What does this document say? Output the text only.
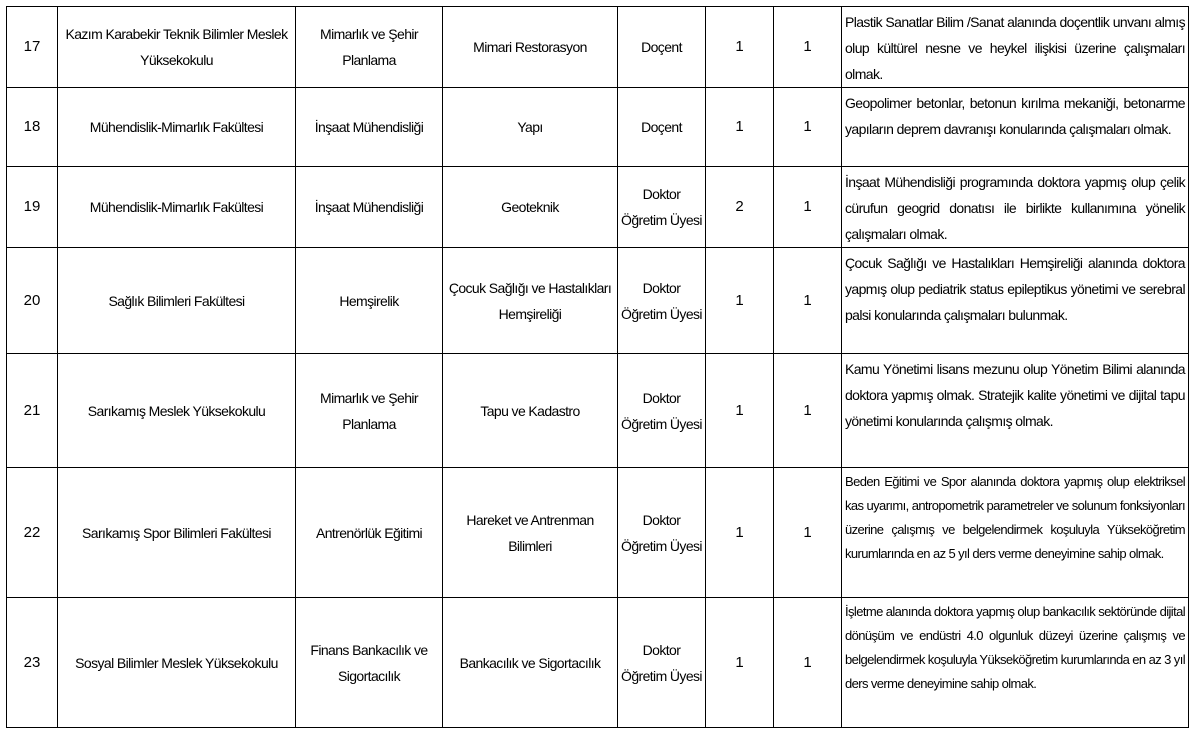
17	Kazım Karabekir Teknik Bilimler Meslek Yüksekokulu	Mimarlık ve Şehir Planlama	Mimari Restorasyon	Doçent	1	1	Plastik Sanatlar Bilim /Sanat alanında doçentlik unvanı almış olup kültürel nesne ve heykel ilişkisi üzerine çalışmaları olmak.
18	Mühendislik-Mimarlık Fakültesi	İnşaat Mühendisliği	Yapı	Doçent	1	1	Geopolimer betonlar, betonun kırılma mekaniği, betonarme yapıların deprem davranışı konularında çalışmaları olmak.
19	Mühendislik-Mimarlık Fakültesi	İnşaat Mühendisliği	Geoteknik	Doktor Öğretim Üyesi	2	1	İnşaat Mühendisliği programında doktora yapmış olup çelik cürufun geogrid donatısı ile birlikte kullanımına yönelik çalışmaları olmak.
20	Sağlık Bilimleri Fakültesi	Hemşirelik	Çocuk Sağlığı ve Hastalıkları Hemşireliği	Doktor Öğretim Üyesi	1	1	Çocuk Sağlığı ve Hastalıkları Hemşireliği alanında doktora yapmış olup pediatrik status epileptikus yönetimi ve serebral palsi konularında çalışmaları bulunmak.
21	Sarıkamış Meslek Yüksekokulu	Mimarlık ve Şehir Planlama	Tapu ve Kadastro	Doktor Öğretim Üyesi	1	1	Kamu Yönetimi lisans mezunu olup Yönetim Bilimi alanında doktora yapmış olmak. Stratejik kalite yönetimi ve dijital tapu yönetimi konularında çalışmış olmak.
22	Sarıkamış Spor Bilimleri Fakültesi	Antrenörlük Eğitimi	Hareket ve Antrenman Bilimleri	Doktor Öğretim Üyesi	1	1	Beden Eğitimi ve Spor alanında doktora yapmış olup elektriksel kas uyarımı, antropometrik parametreler ve solunum fonksiyonları üzerine çalışmış ve belgelendirmek koşuluyla Yükseköğretim kurumlarında en az 5 yıl ders verme deneyimine sahip olmak.
23	Sosyal Bilimler Meslek Yüksekokulu	Finans Bankacılık ve Sigortacılık	Bankacılık ve Sigortacılık	Doktor Öğretim Üyesi	1	1	İşletme alanında doktora yapmış olup bankacılık sektöründe dijital dönüşüm ve endüstri 4.0 olgunluk düzeyi üzerine çalışmış ve belgelendirmek koşuluyla Yükseköğretim kurumlarında en az 3 yıl ders verme deneyimine sahip olmak.
